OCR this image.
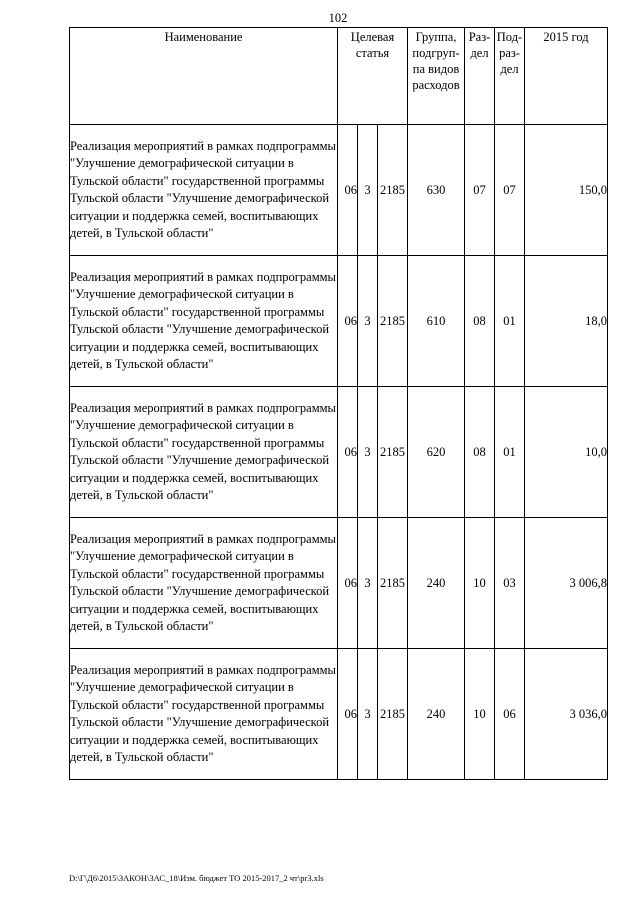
102
Наименование	Целевая статья			Группа, подгруп-па видов расходов	Раз-дел	Под-раз-дел	2015 год
Реализация мероприятий в рамках подпрограммы "Улучшение демографической ситуации в Тульской области" государственной программы Тульской области "Улучшение демографической ситуации и поддержка семей, воспитывающих детей, в Тульской области"	06	3	2185	630	07	07	150,0
Реализация мероприятий в рамках подпрограммы "Улучшение демографической ситуации в Тульской области" государственной программы Тульской области "Улучшение демографической ситуации и поддержка семей, воспитывающих детей, в Тульской области"	06	3	2185	610	08	01	18,0
Реализация мероприятий в рамках подпрограммы "Улучшение демографической ситуации в Тульской области" государственной программы Тульской области "Улучшение демографической ситуации и поддержка семей, воспитывающих детей, в Тульской области"	06	3	2185	620	08	01	10,0
Реализация мероприятий в рамках подпрограммы "Улучшение демографической ситуации в Тульской области" государственной программы Тульской области "Улучшение демографической ситуации и поддержка семей, воспитывающих детей, в Тульской области"	06	3	2185	240	10	03	3 006,8
Реализация мероприятий в рамках подпрограммы "Улучшение демографической ситуации в Тульской области" государственной программы Тульской области "Улучшение демографической ситуации и поддержка семей, воспитывающих детей, в Тульской области"	06	3	2185	240	10	06	3 036,0
D:\Г\Д6\2015\ЗАКОН\ЗАС_18\Изм. бюджет ТО 2015-2017_2 чт\pr3.xls
